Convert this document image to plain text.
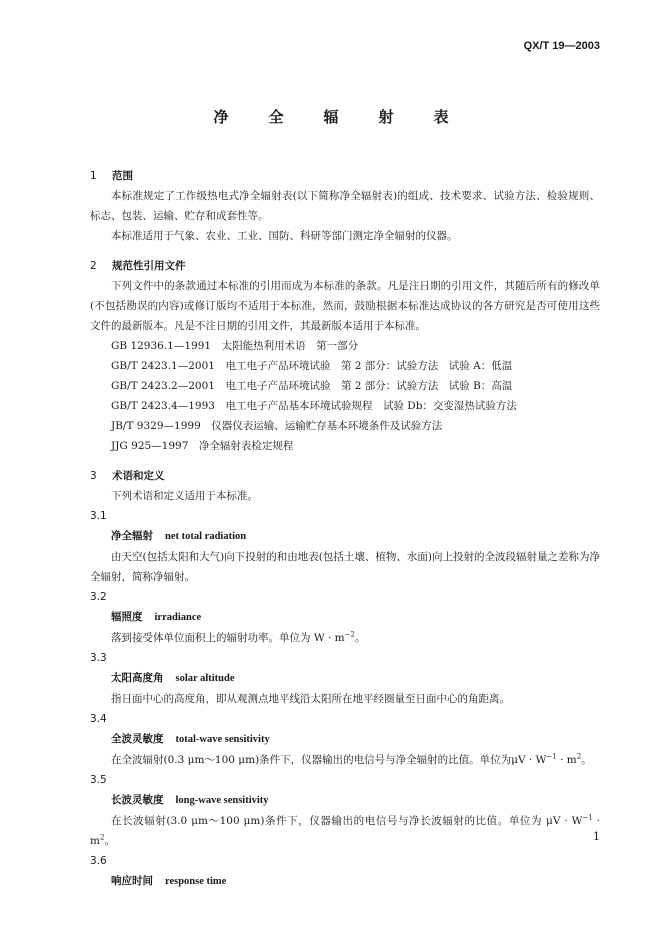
QX/T 19—2003
净全辐射表
1 范围
本标准规定了工作级热电式净全辐射表(以下简称净全辐射表)的组成、技术要求、试验方法、检验规则、标志、包装、运输、贮存和成套性等。
本标准适用于气象、农业、工业、国防、科研等部门测定净全辐射的仪器。
2 规范性引用文件
下列文件中的条款通过本标准的引用而成为本标准的条款。凡是注日期的引用文件，其随后所有的修改单(不包括勘误的内容)或修订版均不适用于本标准，然而，鼓励根据本标准达成协议的各方研究是否可使用这些文件的最新版本。凡是不注日期的引用文件，其最新版本适用于本标准。
GB 12936.1—1991　太阳能热利用术语　第一部分
GB/T 2423.1—2001　电工电子产品环境试验　第 2 部分：试验方法　试验 A：低温
GB/T 2423.2—2001　电工电子产品环境试验　第 2 部分：试验方法　试验 B：高温
GB/T 2423.4—1993　电工电子产品基本环境试验规程　试验 Db：交变湿热试验方法
JB/T 9329—1999　仪器仪表运输、运输贮存基本环境条件及试验方法
JJG 925—1997　净全辐射表检定规程
3 术语和定义
下列术语和定义适用于本标准。
3.1
净全辐射 net total radiation
由天空(包括太阳和大气)向下投射的和由地表(包括土壤、植物、水面)向上投射的全波段辐射量之差称为净全辐射，简称净辐射。
3.2
辐照度 irradiance
落到接受体单位面积上的辐射功率。单位为 $W \cdot m^{-2}$。
3.3
太阳高度角 solar altitude
指日面中心的高度角，即从观测点地平线沿太阳所在地平经圈量至日面中心的角距离。
3.4
全波灵敏度 total-wave sensitivity
在全波辐射(0.3 μm～100 μm)条件下，仪器输出的电信号与净全辐射的比值。单位为$\mu V \cdot W^{-1} \cdot m^2$。
3.5
长波灵敏度 long-wave sensitivity
在长波辐射(3.0 μm～100 μm)条件下，仪器输出的电信号与净长波辐射的比值。单位为 $\mu V \cdot W^{-1} \cdot m^2$。
3.6
响应时间 response time
1
